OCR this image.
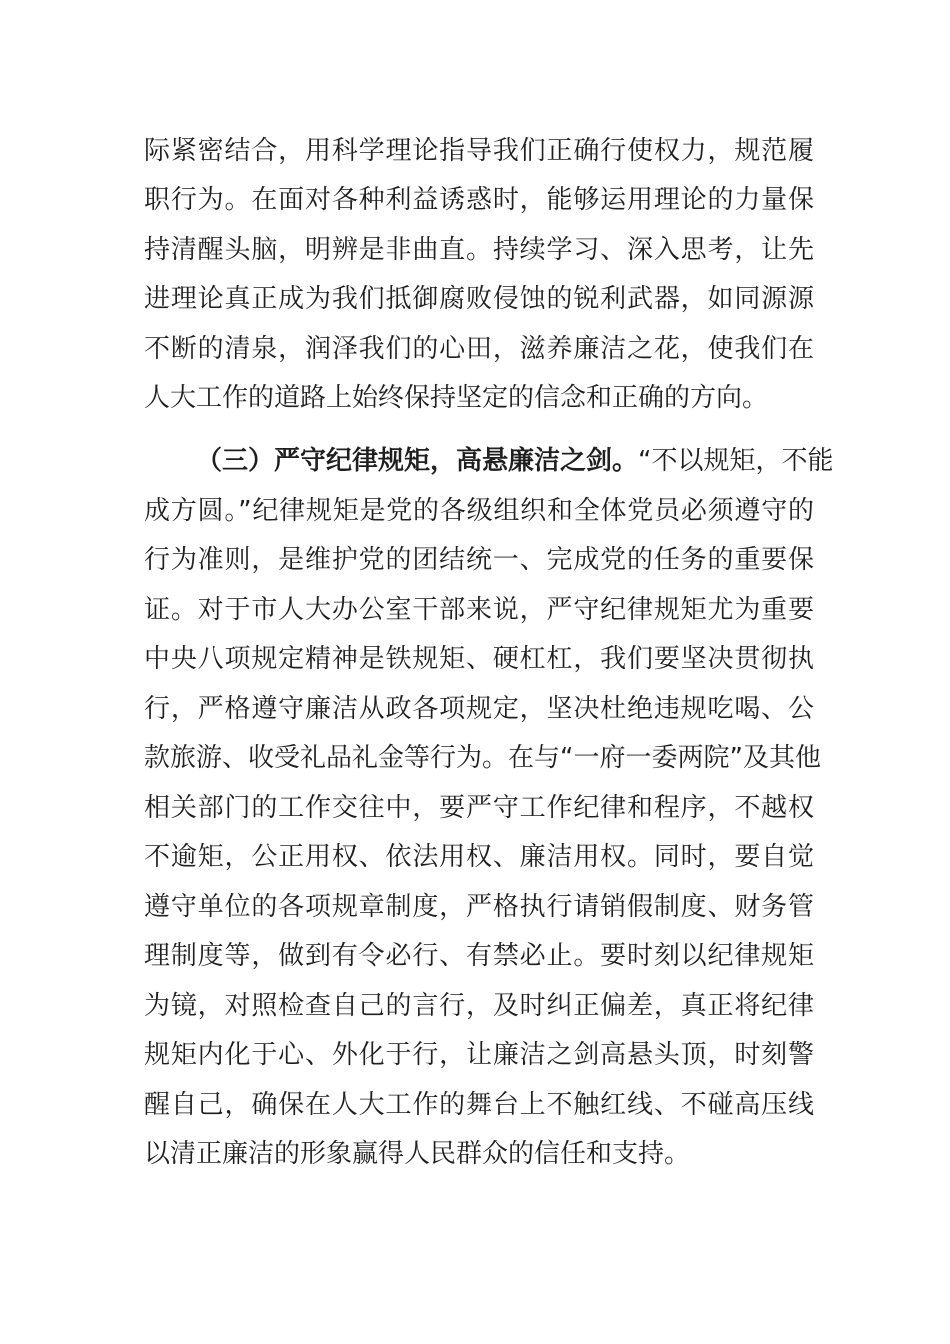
际紧密结合，用科学理论指导我们正确行使权力，规范履
职行为。在面对各种利益诱惑时，能够运用理论的力量保
持清醒头脑，明辨是非曲直。持续学习、深入思考，让先
进理论真正成为我们抵御腐败侵蚀的锐利武器，如同源源
不断的清泉，润泽我们的心田，滋养廉洁之花，使我们在
人大工作的道路上始终保持坚定的信念和正确的方向。
（三）严守纪律规矩，高悬廉洁之剑。“不以规矩，不能
成方圆。”纪律规矩是党的各级组织和全体党员必须遵守的
行为准则，是维护党的团结统一、完成党的任务的重要保
证。对于市人大办公室干部来说，严守纪律规矩尤为重要
中央八项规定精神是铁规矩、硬杠杠，我们要坚决贯彻执
行，严格遵守廉洁从政各项规定，坚决杜绝违规吃喝、公
款旅游、收受礼品礼金等行为。在与“一府一委两院”及其他
相关部门的工作交往中，要严守工作纪律和程序，不越权
不逾矩，公正用权、依法用权、廉洁用权。同时，要自觉
遵守单位的各项规章制度，严格执行请销假制度、财务管
理制度等，做到有令必行、有禁必止。要时刻以纪律规矩
为镜，对照检查自己的言行，及时纠正偏差，真正将纪律
规矩内化于心、外化于行，让廉洁之剑高悬头顶，时刻警
醒自己，确保在人大工作的舞台上不触红线、不碰高压线
以清正廉洁的形象赢得人民群众的信任和支持。
